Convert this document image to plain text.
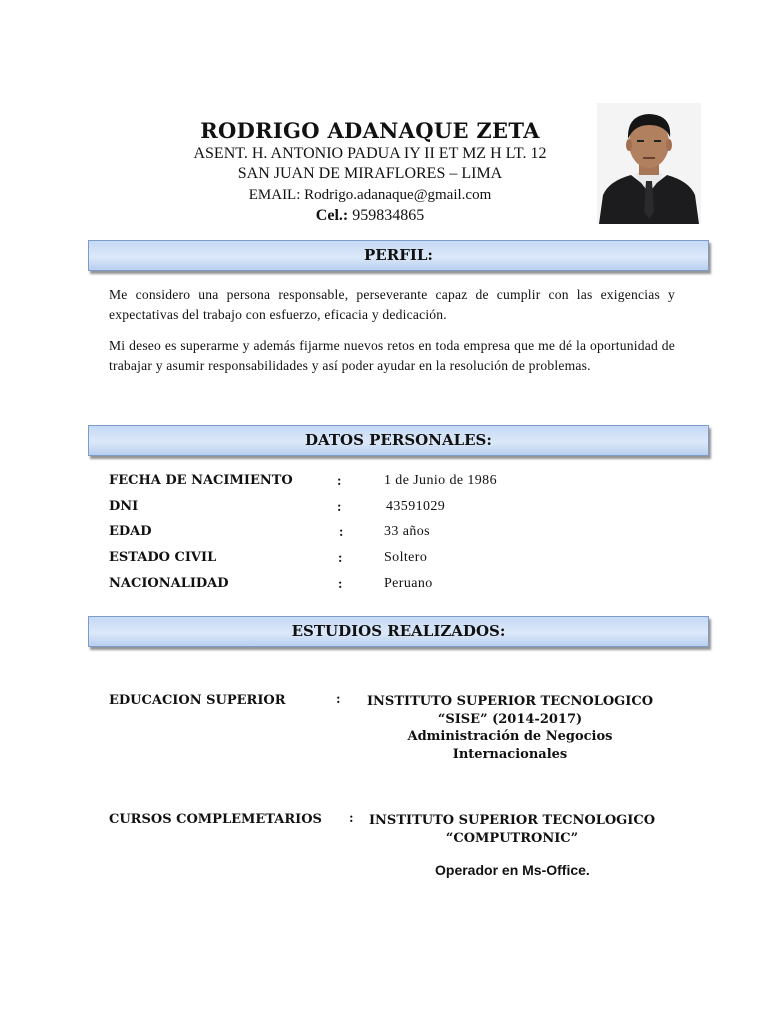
RODRIGO ADANAQUE ZETA
ASENT. H. ANTONIO PADUA IY II ET MZ H LT. 12
SAN JUAN DE MIRAFLORES – LIMA
EMAIL: Rodrigo.adanaque@gmail.com
Cel.: 959834865
PERFIL:
Me considero una persona responsable, perseverante capaz de cumplir con las exigencias y expectativas del trabajo con esfuerzo, eficacia y dedicación.
Mi deseo es superarme y además fijarme nuevos retos en toda empresa que me dé la oportunidad de trabajar y asumir responsabilidades y así poder ayudar en la resolución de problemas.
DATOS PERSONALES:
FECHA DE NACIMIENTO	:	1 de Junio de 1986
DNI	:	43591029
EDAD	:	33 años
ESTADO CIVIL	:	Soltero
NACIONALIDAD	:	Peruano
ESTUDIOS REALIZADOS:
EDUCACION SUPERIOR	:	INSTITUTO SUPERIOR TECNOLOGICO
“SISE” (2014-2017)
Administración de Negocios
Internacionales
CURSOS COMPLEMETARIOS :	INSTITUTO SUPERIOR TECNOLOGICO
“COMPUTRONIC”
Operador en Ms-Office.
